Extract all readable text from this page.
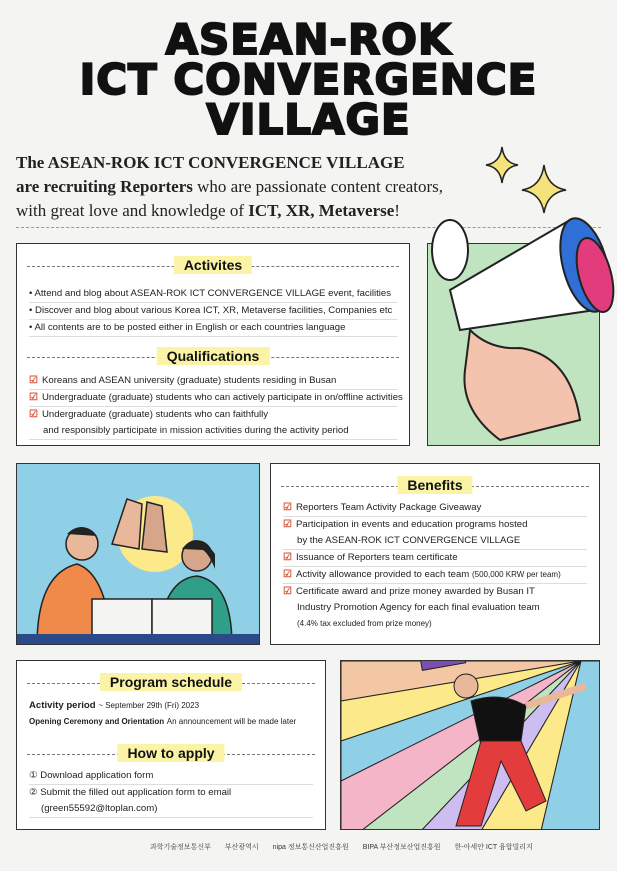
ASEAN-ROK
ICT CONVERGENCE
VILLAGE
The ASEAN-ROK ICT CONVERGENCE VILLAGE
are recruiting Reporters who are passionate content creators,
with great love and knowledge of ICT, XR, Metaverse!
Activites
• Attend and blog about ASEAN-ROK ICT CONVERGENCE VILLAGE event, facilities
• Discover and blog about various Korea ICT, XR, Metaverse facilities, Companies etc
• All contents are to be posted either in English or each countries language
Qualifications
☑ Koreans and ASEAN university (graduate) students residing in Busan
☑ Undergraduate (graduate) students who can actively participate in on/offline activities
☑ Undergraduate (graduate) students who can faithfully
and responsibly participate in mission activities during the activity period
Benefits
☑ Reporters Team Activity Package Giveaway
☑ Participation in events and education programs hosted
by the ASEAN-ROK ICT CONVERGENCE VILLAGE
☑ Issuance of Reporters team certificate
☑ Activity allowance provided to each team (500,000 KRW per team)
☑ Certificate award and prize money awarded by Busan IT
Industry Promotion Agency for each final evaluation team
(4.4% tax excluded from prize money)
Program schedule
Activity period ~ September 29th (Fri) 2023
Opening Ceremony and Orientation An announcement will be made later
How to apply
① Download application form
② Submit the filled out application form to email
(green55592@ltoplan.com)
과학기술정보통신부 부산광역시 nipa 정보통신산업진흥원 BIPA 부산정보산업진흥원 한-아세안 ICT 융합빌리지
